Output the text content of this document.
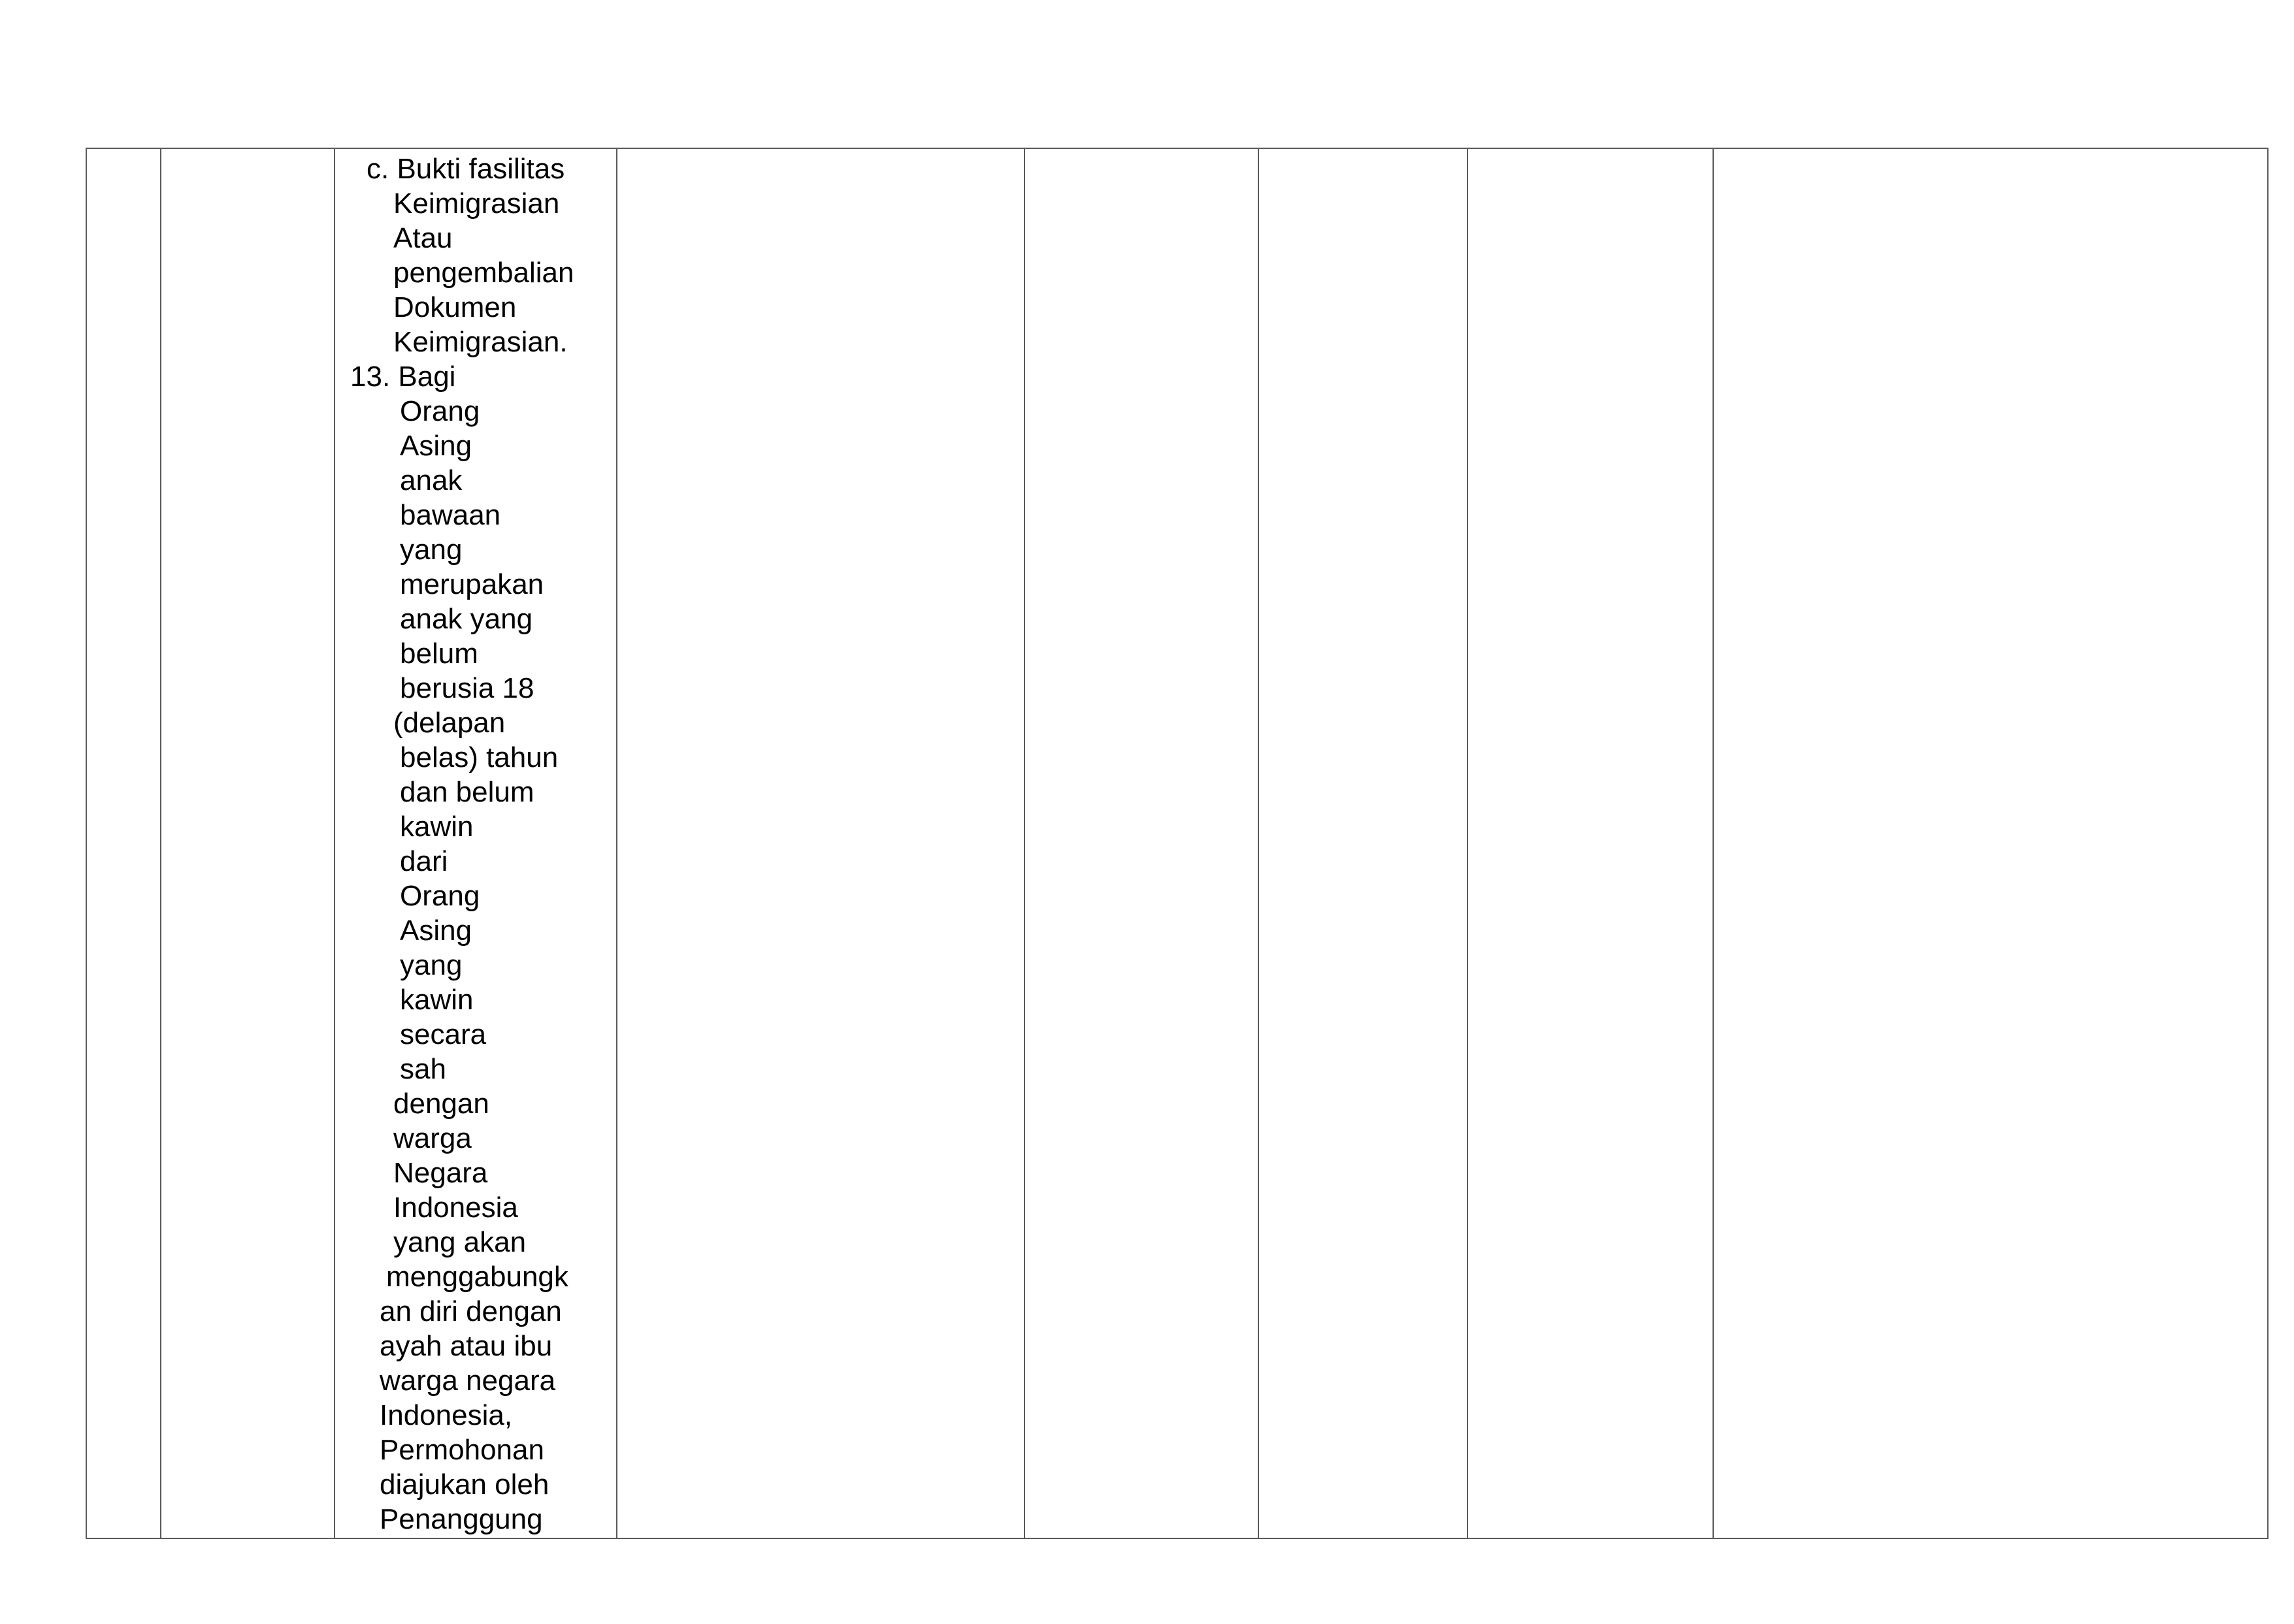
c. Bukti fasilitas
Keimigrasian
Atau
pengembalian
Dokumen
Keimigrasian.
13. Bagi
Orang
Asing
anak
bawaan
yang
merupakan
anak yang
belum
berusia 18
(delapan
belas) tahun
dan belum
kawin
dari
Orang
Asing
yang
kawin
secara
sah
dengan
warga
Negara
Indonesia
yang akan
menggabungk
an diri dengan
ayah atau ibu
warga negara
Indonesia,
Permohonan
diajukan oleh
Penanggung
